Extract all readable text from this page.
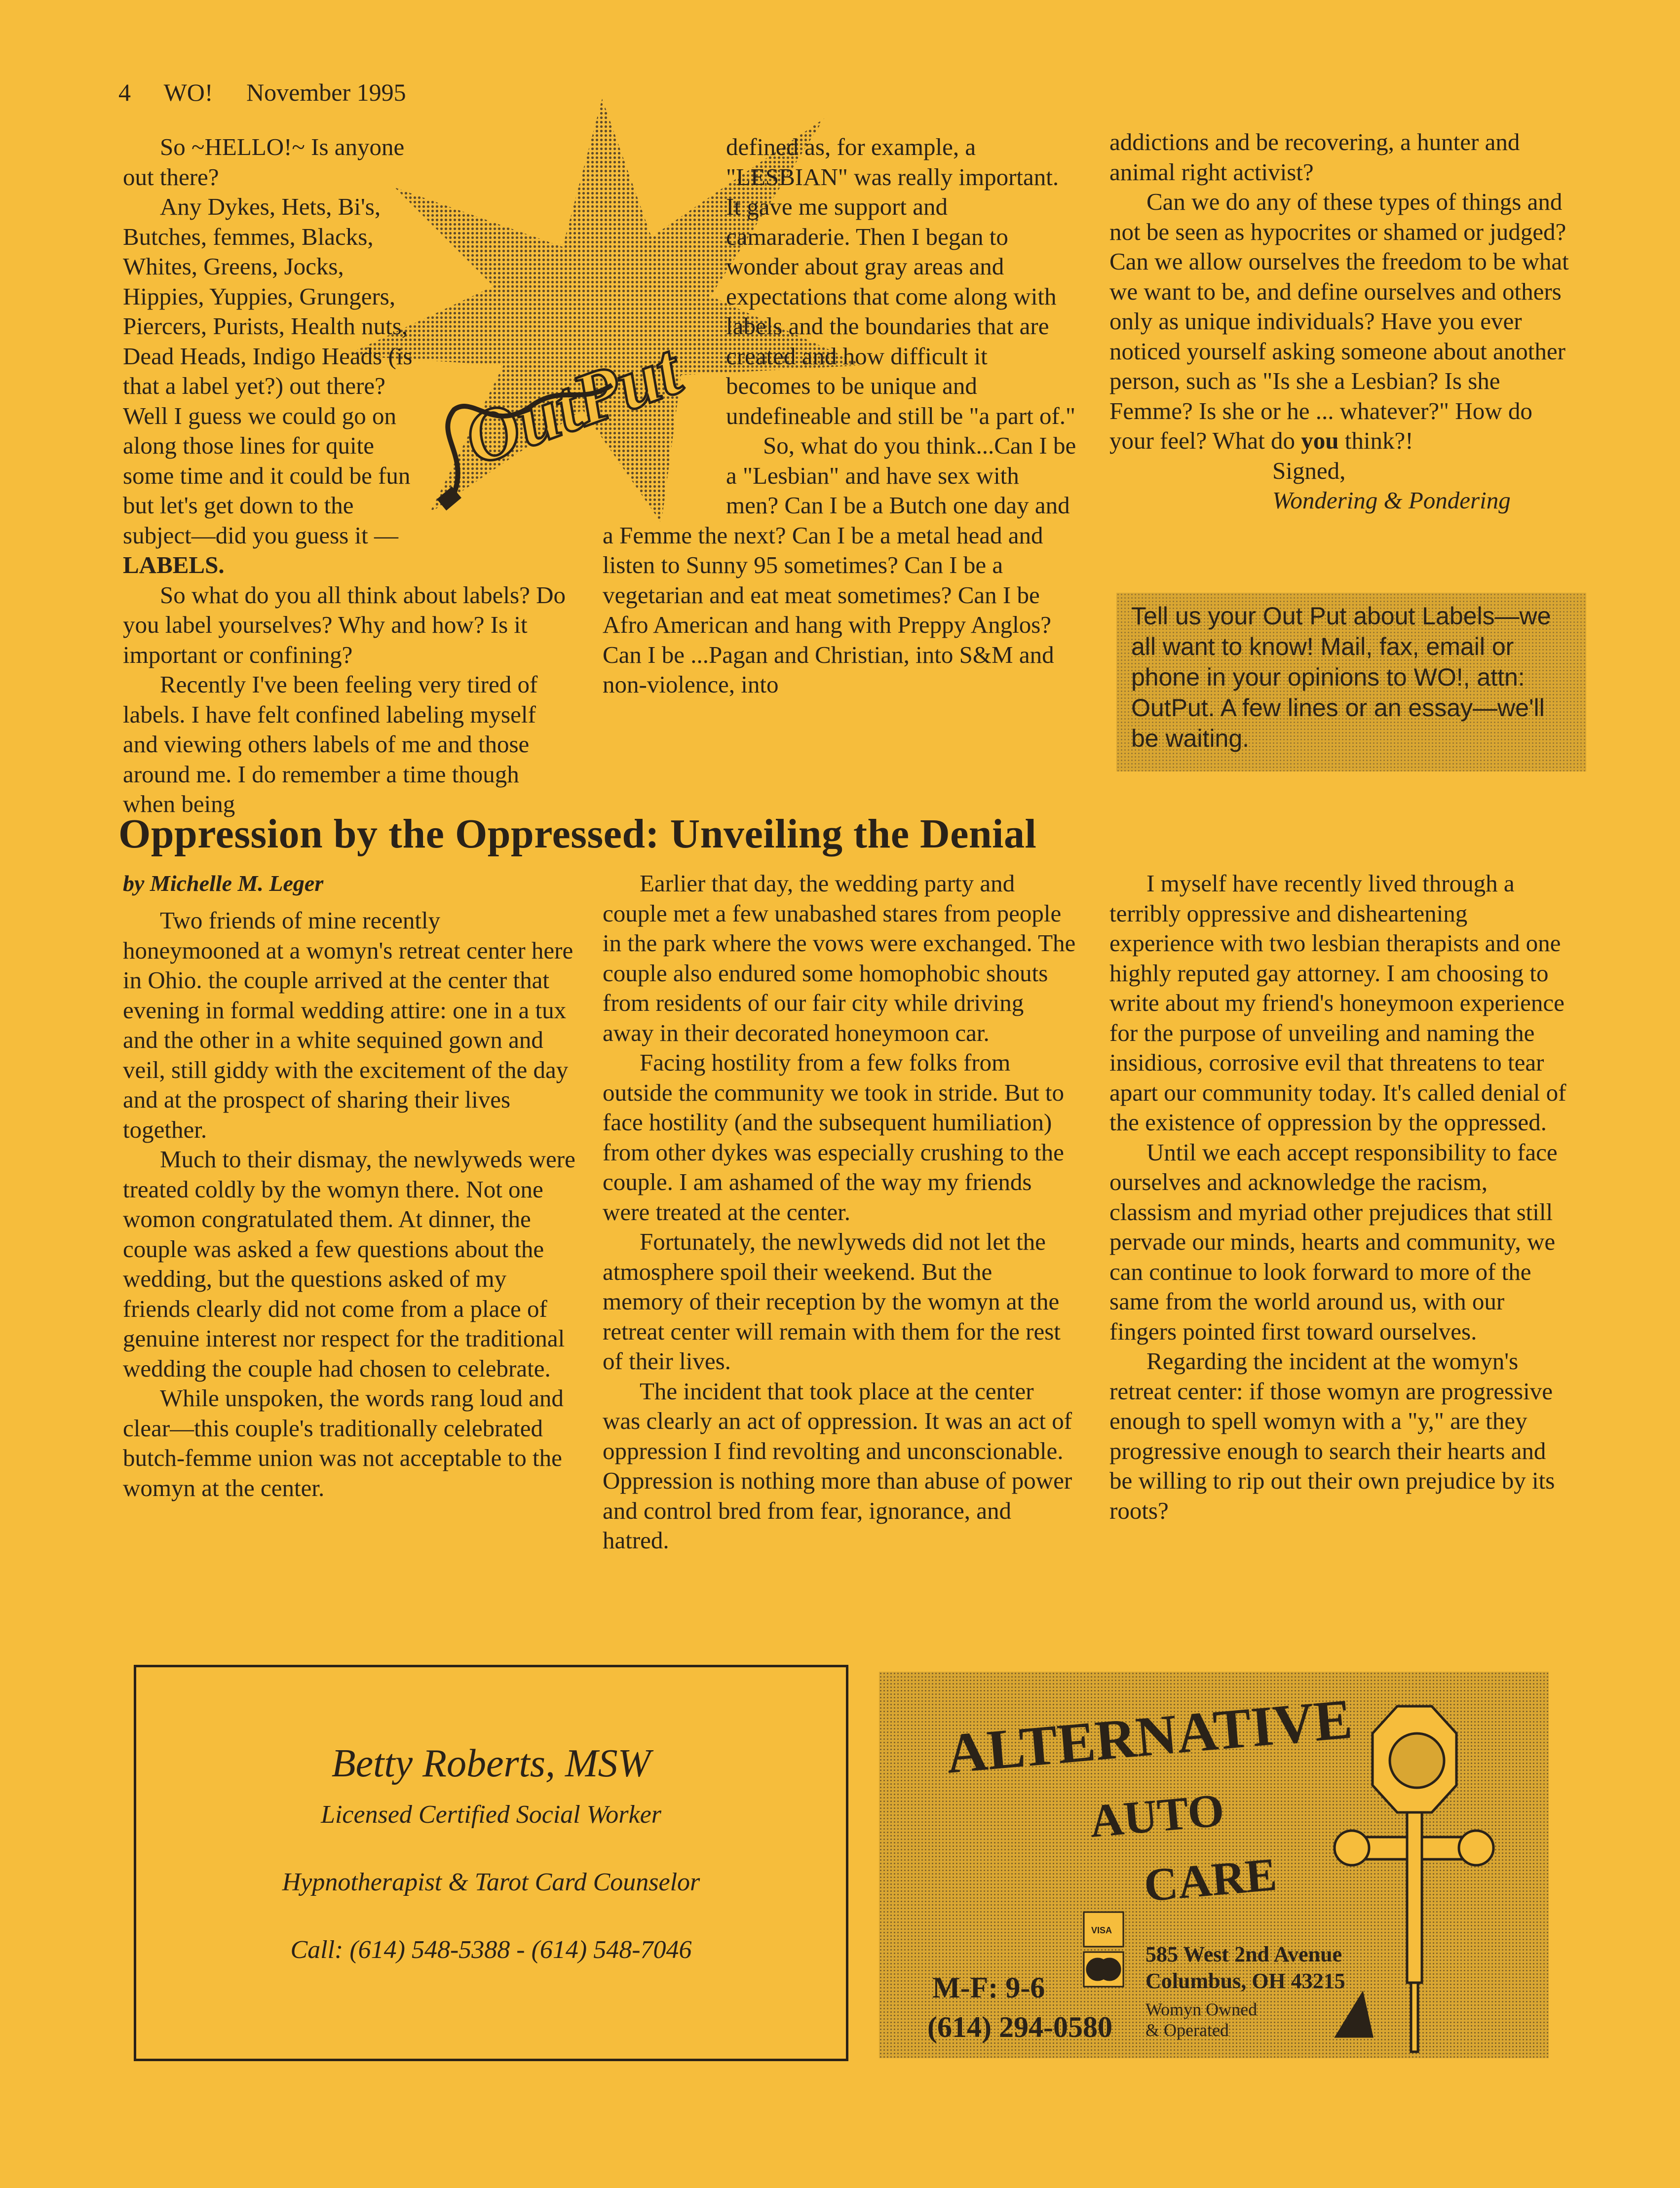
4 WO! November 1995
OutPut

So ~HELLO!~ Is anyone out there?

Any Dykes, Hets, Bi's, Butches, femmes, Blacks, Whites, Greens, Jocks, Hippies, Yuppies, Grungers, Piercers, Purists, Health nuts, Dead Heads, Indigo Heads (is that a label yet?) out there? Well I guess we could go on along those lines for quite some time and it could be fun but let's get down to the subject—did you guess it —

LABELS.

So what do you all think about labels? Do you label yourselves? Why and how? Is it important or confining?

Recently I've been feeling very tired of labels. I have felt confined labeling myself and viewing others labels of me and those around me. I do remember a time though when being

defined as, for example, a "LESBIAN" was really important. It gave me support and camaraderie. Then I began to wonder about gray areas and expectations that come along with labels and the boundaries that are created and how difficult it becomes to be unique and undefineable and still be "a part of."

So, what do you think...Can I be a "Lesbian" and have sex with men? Can I be a Butch one day and a Femme the next? Can I be a metal head and listen to Sunny 95 sometimes? Can I be a vegetarian and eat meat sometimes? Can I be Afro American and hang with Preppy Anglos? Can I be ...Pagan and Christian, into S&M and non-violence, into

addictions and be recovering, a hunter and animal right activist?

Can we do any of these types of things and not be seen as hypocrites or shamed or judged? Can we allow ourselves the freedom to be what we want to be, and define ourselves and others only as unique individuals? Have you ever noticed yourself asking someone about another person, such as "Is she a Lesbian? Is she Femme? Is she or he ... whatever?" How do your feel? What do you think?!

Signed,

Wondering & Pondering

Tell us your Out Put about Labels—we all want to know! Mail, fax, email or phone in your opinions to WO!, attn: OutPut. A few lines or an essay—we'll be waiting.
Oppression by the Oppressed: Unveiling the Denial
by Michelle M. Leger

Two friends of mine recently honeymooned at a womyn's retreat center here in Ohio. the couple arrived at the center that evening in formal wedding attire: one in a tux and the other in a white sequined gown and veil, still giddy with the excitement of the day and at the prospect of sharing their lives together.

Much to their dismay, the newlyweds were treated coldly by the womyn there. Not one womon congratulated them. At dinner, the couple was asked a few questions about the wedding, but the questions asked of my friends clearly did not come from a place of genuine interest nor respect for the traditional wedding the couple had chosen to celebrate.

While unspoken, the words rang loud and clear—this couple's traditionally celebrated butch-femme union was not acceptable to the womyn at the center.

Earlier that day, the wedding party and couple met a few unabashed stares from people in the park where the vows were exchanged. The couple also endured some homophobic shouts from residents of our fair city while driving away in their decorated honeymoon car.

Facing hostility from a few folks from outside the community we took in stride. But to face hostility (and the subsequent humiliation) from other dykes was especially crushing to the couple. I am ashamed of the way my friends were treated at the center.

Fortunately, the newlyweds did not let the atmosphere spoil their weekend. But the memory of their reception by the womyn at the retreat center will remain with them for the rest of their lives.

The incident that took place at the center was clearly an act of oppression. It was an act of oppression I find revolting and unconscionable. Oppression is nothing more than abuse of power and control bred from fear, ignorance, and hatred.

I myself have recently lived through a terribly oppressive and disheartening experience with two lesbian therapists and one highly reputed gay attorney. I am choosing to write about my friend's honeymoon experience for the purpose of unveiling and naming the insidious, corrosive evil that threatens to tear apart our community today. It's called denial of the existence of oppression by the oppressed.

Until we each accept responsibility to face ourselves and acknowledge the racism, classism and myriad other prejudices that still pervade our minds, hearts and community, we can continue to look forward to more of the same from the world around us, with our fingers pointed first toward ourselves.

Regarding the incident at the womyn's retreat center: if those womyn are progressive enough to spell womyn with a "y," are they progressive enough to search their hearts and be willing to rip out their own prejudice by its roots?

Betty Roberts, MSW
Licensed Certified Social Worker
Hypnotherapist & Tarot Card Counselor
Call: (614) 548-5388 - (614) 548-7046
ALTERNATIVE
AUTO
CARE
VISA
M-F: 9-6
(614) 294-0580
585 West 2nd Avenue
Columbus, OH 43215
Womyn Owned
& Operated
